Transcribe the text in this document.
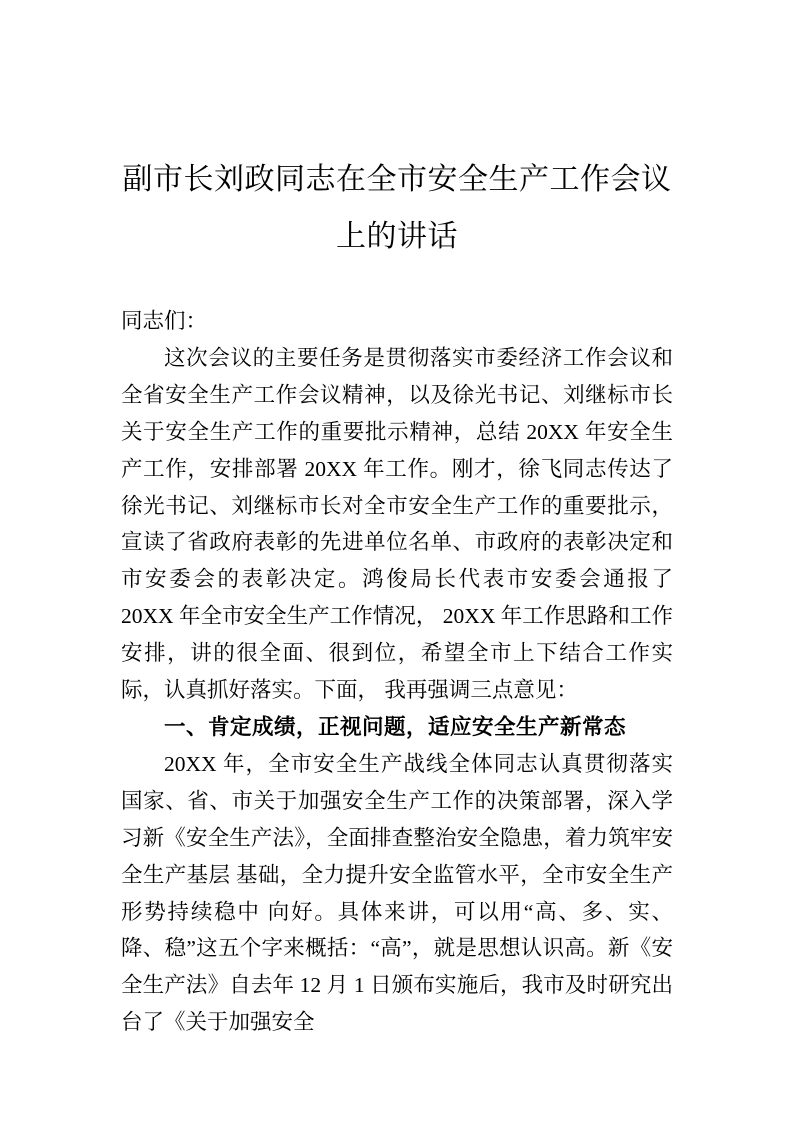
副市长刘政同志在全市安全生产工作会议
上的讲话

同志们：

这次会议的主要任务是贯彻落实市委经济工作会议和全省安全生产工作会议精神，以及徐光书记、刘继标市长关于安全生产工作的重要批示精神，总结 20XX 年安全生产工作，安排部署 20XX 年工作。刚才，徐飞同志传达了徐光书记、刘继标市长对全市安全生产工作的重要批示，宣读了省政府表彰的先进单位名单、市政府的表彰决定和市安委会的表彰决定。鸿俊局长代表市安委会通报了 20XX 年全市安全生产工作情况， 20XX 年工作思路和工作安排，讲的很全面、很到位，希望全市上下结合工作实际，认真抓好落实。下面， 我再强调三点意见：

一、肯定成绩，正视问题，适应安全生产新常态

20XX 年，全市安全生产战线全体同志认真贯彻落实国家、省、市关于加强安全生产工作的决策部署，深入学习新《安全生产法》，全面排查整治安全隐患，着力筑牢安全生产基层 基础，全力提升安全监管水平，全市安全生产形势持续稳中 向好。具体来讲，可以用“高、多、实、降、稳”这五个字来概括：“高”，就是思想认识高。新《安全生产法》自去年 12 月 1 日颁布实施后，我市及时研究出台了《关于加强安全
